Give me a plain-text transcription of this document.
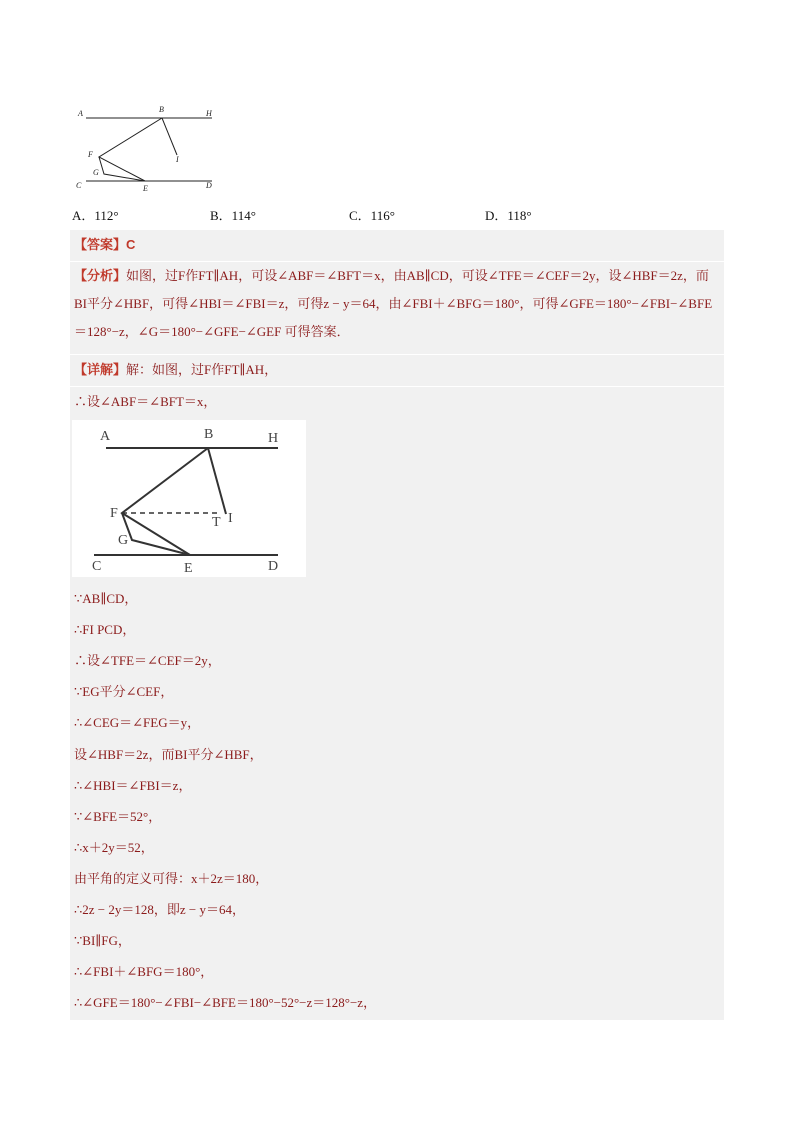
A	B	H
F
I
G
C	E	D
A．112°	B．114°	C．116°	D．118°
【答案】C
【分析】如图，过F作FT∥AH，可设∠ABF＝∠BFT＝x，由AB∥CD，可设∠TFE＝∠CEF＝2y，设∠HBF＝2z，而BI平分∠HBF，可得∠HBI＝∠FBI＝z，可得z − y＝64，由∠FBI＋∠BFG＝180°，可得∠GFE＝180°−∠FBI−∠BFE＝128°−z，∠G＝180°−∠GFE−∠GEF 可得答案．
【详解】解：如图，过F作FT∥AH，
∴设∠ABF＝∠BFT＝x，
A	B	H
F
T I
G
C	E	D
∵AB∥CD，
∴FI PCD，
∴设∠TFE＝∠CEF＝2y，
∵EG平分∠CEF，
∴∠CEG＝∠FEG＝y，
设∠HBF＝2z，而BI平分∠HBF，
∴∠HBI＝∠FBI＝z，
∵∠BFE＝52°，
∴x＋2y＝52，
由平角的定义可得：x＋2z＝180，
∴2z − 2y＝128，即z − y＝64，
∵BI∥FG，
∴∠FBI＋∠BFG＝180°，
∴∠GFE＝180°−∠FBI−∠BFE＝180°−52°−z＝128°−z，
